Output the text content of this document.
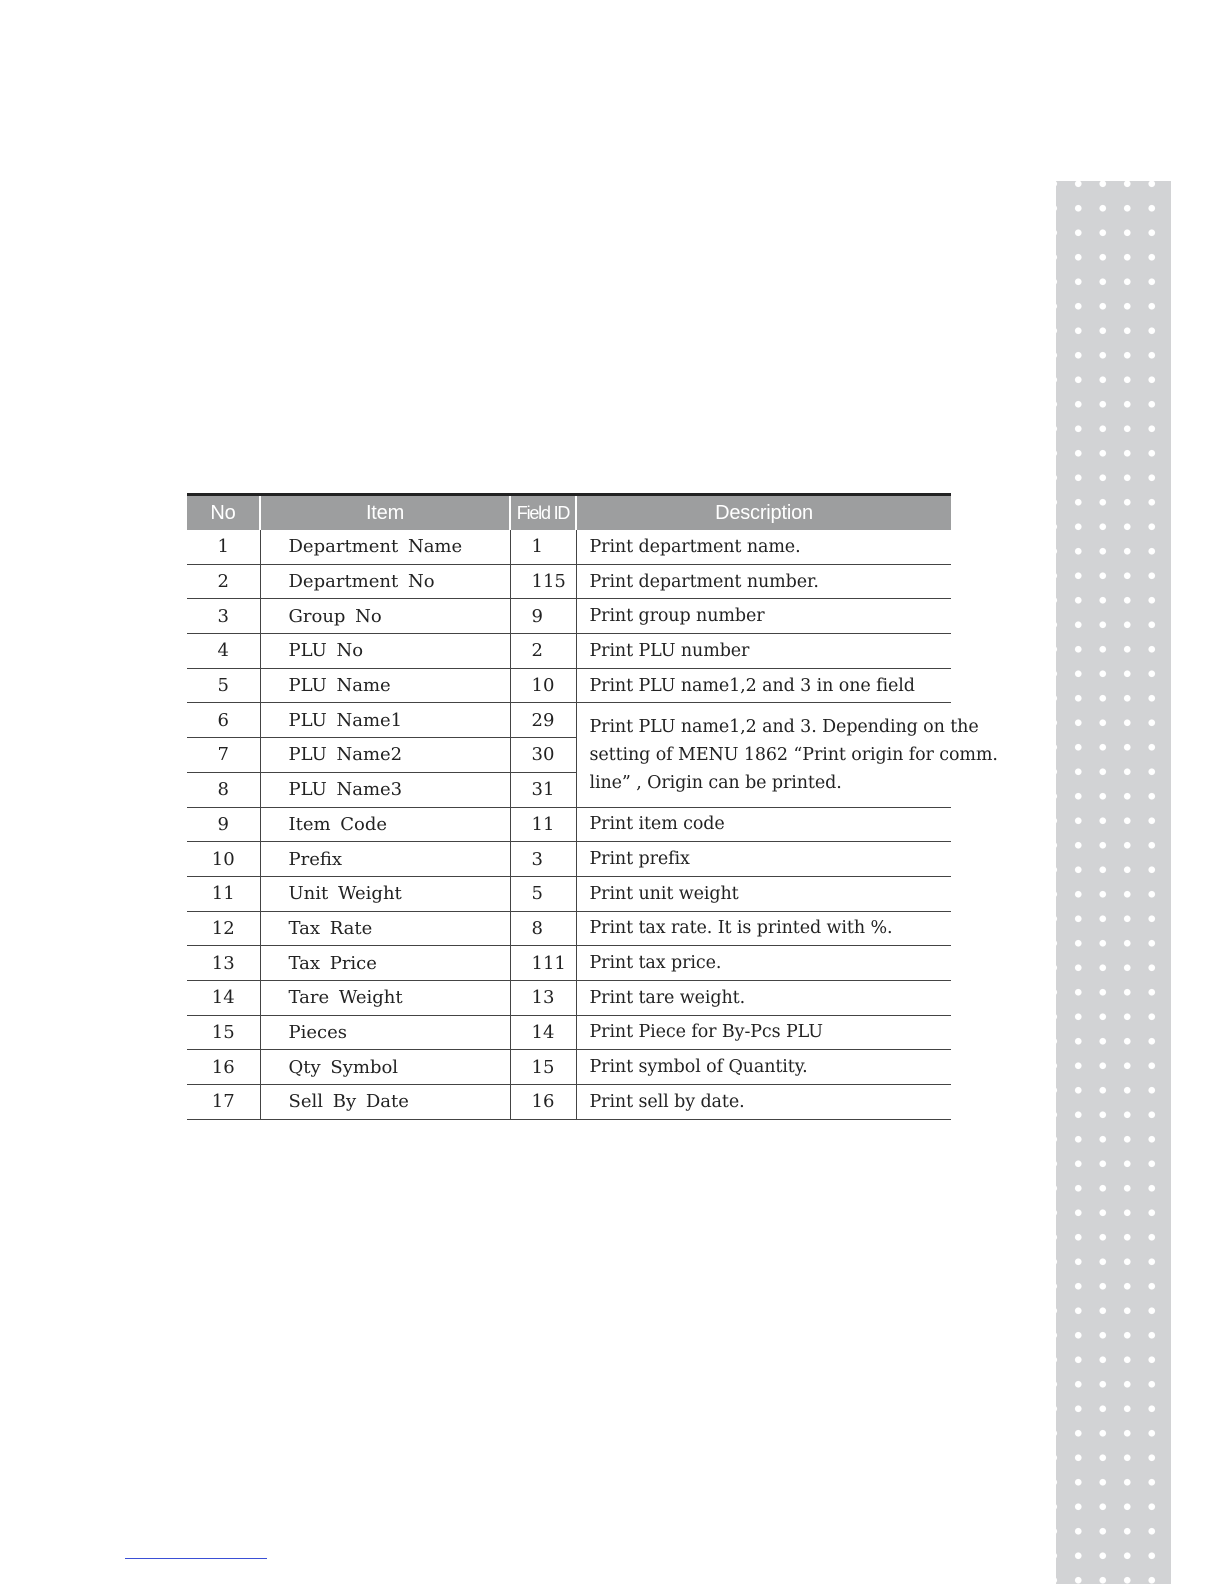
No	Item	Field ID	Description
1	Department Name	1	Print department name.
2	Department No	115	Print department number.
3	Group No	9	Print group number
4	PLU No	2	Print PLU number
5	PLU Name	10	Print PLU name1,2 and 3 in one field
6	PLU Name1	29	Print PLU name1,2 and 3. Depending on the
setting of MENU 1862 “Print origin for comm.
line” , Origin can be printed.

7	PLU Name2	30	
8	PLU Name3	31	
9	Item Code	11	Print item code
10	Prefix	3	Print prefix
11	Unit Weight	5	Print unit weight
12	Tax Rate	8	Print tax rate. It is printed with %.
13	Tax Price	111	Print tax price.
14	Tare Weight	13	Print tare weight.
15	Pieces	14	Print Piece for By-Pcs PLU
16	Qty Symbol	15	Print symbol of Quantity.
17	Sell By Date	16	Print sell by date.
